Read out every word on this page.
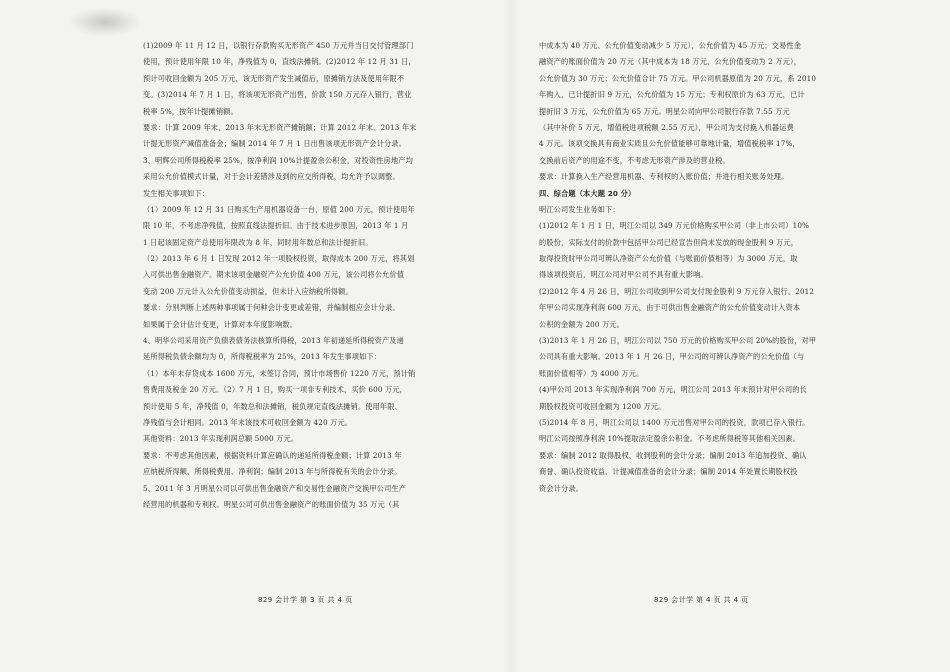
(1)2009 年 11 月 12 日，以银行存款购买无形资产 450 万元并当日交付管理部门
使用，预计使用年限 10 年，净残值为 0，直线法摊销。(2)2012 年 12 月 31 日，
预计可收回金额为 205 万元，该无形资产发生减值后，原摊销方法及使用年限不
变。(3)2014 年 7 月 1 日，将该项无形资产出售，价款 150 万元存入银行，营业
税率 5%，按年计提摊销额。
要求：计算 2009 年末、2013 年末无形资产摊销额；计算 2012 年末、2013 年末
计提无形资产减值准备金；编制 2014 年 7 月 1 日出售该项无形资产会计分录。
3、明辉公司所得税税率 25%，按净利润 10%计提盈余公积金，对投资性房地产均
采用公允价值模式计量，对于会计差错涉及到的应交所得税，均允许予以调整。
发生相关事项如下：
（1）2009 年 12 月 31 日购买生产用机器设备一台，原值 200 万元，预计使用年
限 10 年，不考虑净残值，按照直线法提折旧。由于技术进步原因，2013 年 1 月
1 日起该固定资产总使用年限改为 8 年，同时用年数总和法计提折旧。
（2）2013 年 6 月 1 日发现 2012 年一项股权投资，取得成本 200 万元，将其划
入可供出售金融资产。期末该项金融资产公允价值 400 万元，该公司将公允价值
变动 200 万元计入公允价值变动损益，但未计入应纳税所得额。
要求：分别判断上述两种事项属于何种会计变更或差错，并编制相应会计分录。
如果属于会计估计变更，计算对本年度影响数。
4、明华公司采用资产负债表债务法核算所得税，2013 年初递延所得税资产及递
延所得税负债余额均为 0，所得税税率为 25%，2013 年发生事项如下：
（1）本年末存货成本 1600 万元，未签订合同，预计市场售价 1220 万元，预计销
售费用及税金 20 万元。（2）7 月 1 日，购买一项非专利技术，买价 600 万元，
预计使用 5 年，净残值 0，年数总和法摊销，税负规定直线法摊销。使用年限、
净残值与会计相同。2013 年末该技术可收回金额为 420 万元。
其他资料：2013 年实现利润总额 5000 万元。
要求：不考虑其他因素，根据资料计算应确认的递延所得税金额；计算 2013 年
应纳税所得额、所得税费用、净利润；编制 2013 年与所得税有关的会计分录。
5、2011 年 3 月明星公司以可供出售金融资产和交易性金融资产交换甲公司生产
经营用的机器和专利权。明星公司可供出售金融资产的账面价值为 35 万元（其
829 会计学 第 3 页 共 4 页
中成本为 40 万元、公允价值变动减少 5 万元），公允价值为 45 万元；交易性金
融资产的账面价值为 20 万元（其中成本为 18 万元、公允价值变动为 2 万元），
公允价值为 30 万元；公允价值合计 75 万元。甲公司机器原值为 20 万元，系 2010
年购入，已计提折旧 9 万元，公允价值为 15 万元；专利权原价为 63 万元，已计
提折旧 3 万元，公允价值为 65 万元。明星公司向甲公司银行存款 7.55 万元
（其中补价 5 万元，增值税进项税额 2.55 万元），甲公司为支付换入机器运费
4 万元。该项交换具有商业实质且公允价值能够可靠地计量，增值税税率 17%，
交换前后资产的用途不变，不考虑无形资产涉及的营业税。
要求：计算换入生产经营用机器、专利权的入账价值；并进行相关账务处理。
四、综合题（本大题 20 分）
明江公司发生业务如下：
(1)2012 年 1 月 1 日，明江公司以 349 万元价格购买甲公司（非上市公司）10%
的股份，实际支付的价款中包括甲公司已经宣告但尚未发放的现金股利 9 万元，
取得投资时甲公司可辨认净资产公允价值（与账面价值相等）为 3000 万元，取
得该项投资后，明江公司对甲公司不具有重大影响。
(2)2012 年 4 月 26 日，明江公司收到甲公司支付现金股利 9 万元存入银行。2012
年甲公司实现净利润 600 万元，由于可供出售金融资产的公允价值变动计入资本
公积的金额为 200 万元。
(3)2013 年 1 月 26 日，明江公司以 750 万元的价格购买甲公司 20%的股份，对甲
公司具有重大影响。2013 年 1 月 26 日，甲公司的可辨认净资产的公允价值（与
账面价值相等）为 4000 万元。
(4)甲公司 2013 年实现净利润 700 万元，明江公司 2013 年末预计对甲公司的长
期股权投资可收回金额为 1200 万元。
(5)2014 年 8 月，明江公司以 1400 万元出售对甲公司的投资，款项已存入银行。
明江公司按照净利润 10%提取法定盈余公积金。不考虑所得税等其他相关因素。
要求：编制 2012 取得股权、收到股利的会计分录；编制 2013 年追加投资、确认
商誉、确认投资收益、计提减值准备的会计分录；编制 2014 年处置长期股权投
资会计分录。
829 会计学 第 4 页 共 4 页
